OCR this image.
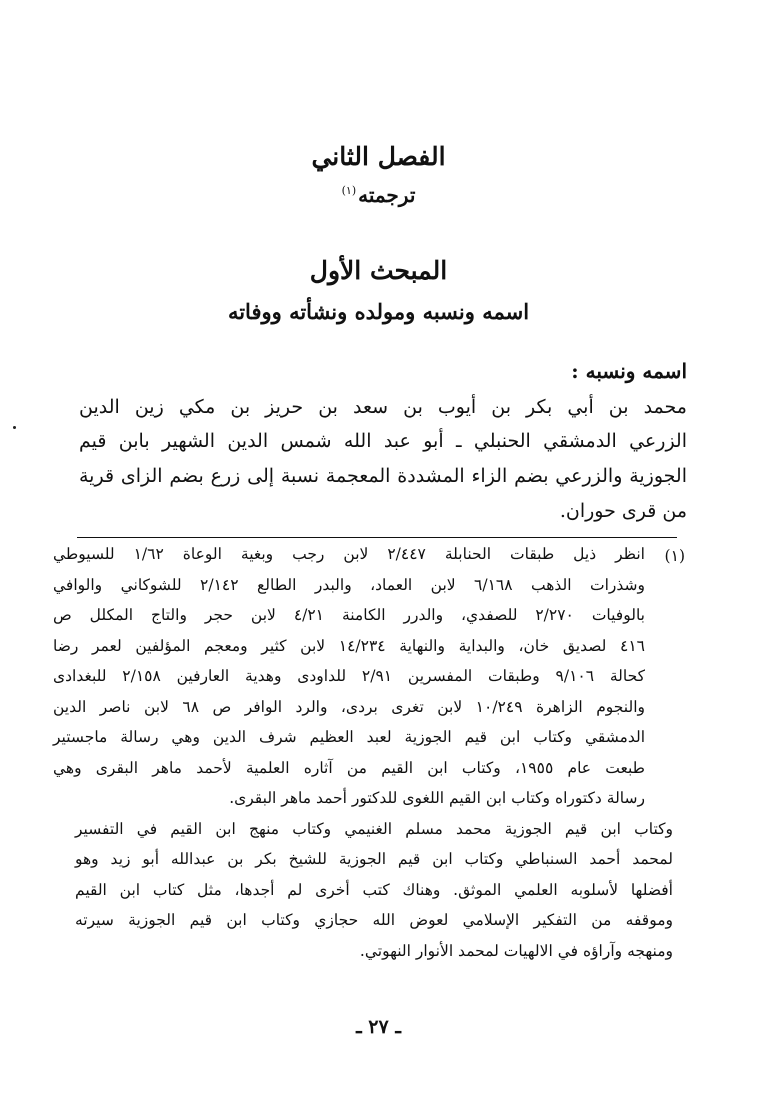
الفصل الثاني
ترجمته$^{(١)}$
المبحث الأول
اسمه ونسبه ومولده ونشأته ووفاته
اسمه ونسبه :
محمد بن أبي بكر بن أيوب بن سعد بن حريز بن مكي زين الدين
الزرعي الدمشقي الحنبلي ـ أبو عبد الله شمس الدين الشهير بابن قيم
الجوزية والزرعي بضم الزاء المشددة المعجمة نسبة إلى زرع بضم الزاى قرية
من قرى حوران.
(١)
انظر ذيل طبقات الحنابلة ٢/٤٤٧ لابن رجب وبغية الوعاة ١/٦٢ للسيوطي
وشذرات الذهب ٦/١٦٨ لابن العماد، والبدر الطالع ٢/١٤٢ للشوكاني والوافي
بالوفيات ٢/٢٧٠ للصفدي، والدرر الكامنة ٤/٢١ لابن حجر والتاج المكلل ص
٤١٦ لصديق خان، والبداية والنهاية ١٤/٢٣٤ لابن كثير ومعجم المؤلفين لعمر رضا
كحالة ٩/١٠٦ وطبقات المفسرين ٢/٩١ للداودى وهدية العارفين ٢/١٥٨ للبغدادى
والنجوم الزاهرة ١٠/٢٤٩ لابن تغرى بردى، والرد الوافر ص ٦٨ لابن ناصر الدين
الدمشقي وكتاب ابن قيم الجوزية لعبد العظيم شرف الدين وهي رسالة ماجستير
طبعت عام ١٩٥٥، وكتاب ابن القيم من آثاره العلمية لأحمد ماهر البقرى وهي
رسالة دكتوراه وكتاب ابن القيم اللغوى للدكتور أحمد ماهر البقرى.
وكتاب ابن قيم الجوزية محمد مسلم الغنيمي وكتاب منهج ابن القيم في التفسير
لمحمد أحمد السنباطي وكتاب ابن قيم الجوزية للشيخ بكر بن عبدالله أبو زيد وهو
أفضلها لأسلوبه العلمي الموثق. وهناك كتب أخرى لم أجدها، مثل كتاب ابن القيم
وموقفه من التفكير الإسلامي لعوض الله حجازي وكتاب ابن قيم الجوزية سيرته
ومنهجه وآراؤه في الالهيات لمحمد الأنوار النهوتي.
ـ ٢٧ ـ
